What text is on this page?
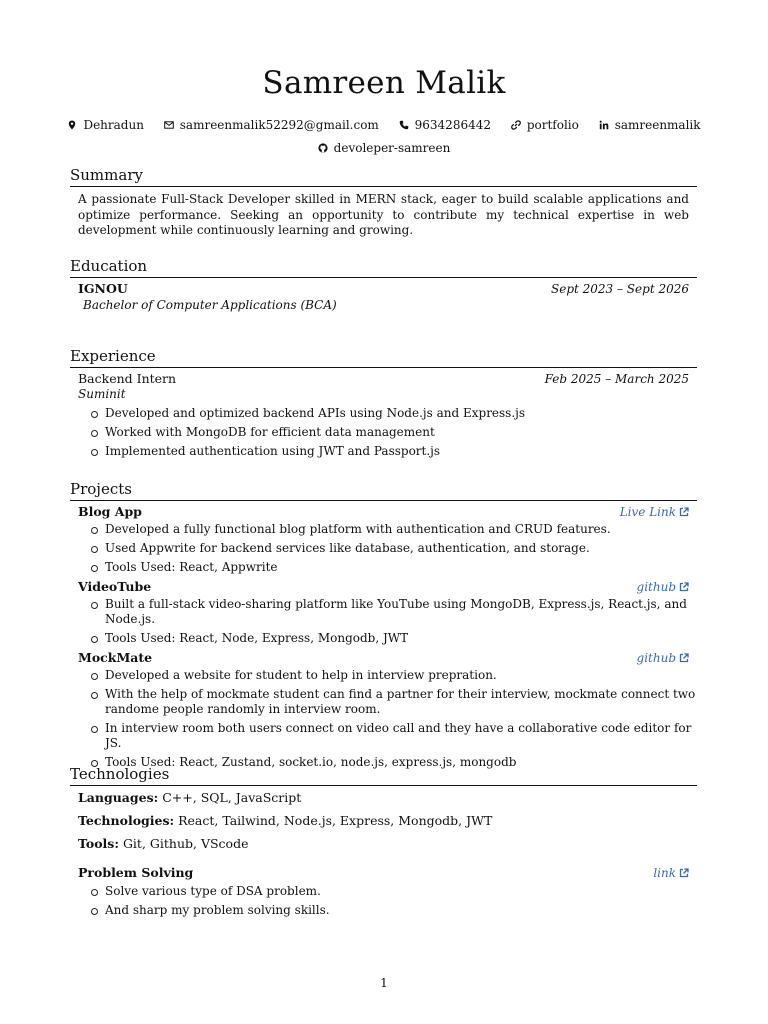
Samreen Malik
Dehradun	samreenmalik52292@gmail.com	9634286442	portfolio	samreenmalik
devoleper-samreen
Summary
A passionate Full-Stack Developer skilled in MERN stack, eager to build scalable applications and optimize performance. Seeking an opportunity to contribute my technical expertise in web development while continuously learning and growing.
Education
IGNOU	Sept 2023 – Sept 2026
Bachelor of Computer Applications (BCA)
Experience
Backend Intern	Feb 2025 – March 2025
Suminit
Developed and optimized backend APIs using Node.js and Express.js
Worked with MongoDB for efficient data management
Implemented authentication using JWT and Passport.js
Projects
Blog App	Live Link
Developed a fully functional blog platform with authentication and CRUD features.
Used Appwrite for backend services like database, authentication, and storage.
Tools Used: React, Appwrite
VideoTube	github
Built a full-stack video-sharing platform like YouTube using MongoDB, Express.js, React.js, and Node.js.
Tools Used: React, Node, Express, Mongodb, JWT
MockMate	github
Developed a website for student to help in interview prepration.
With the help of mockmate student can find a partner for their interview, mockmate connect two randome people randomly in interview room.
In interview room both users connect on video call and they have a collaborative code editor for JS.
Tools Used: React, Zustand, socket.io, node.js, express.js, mongodb
Technologies
Languages: C++, SQL, JavaScript
Technologies: React, Tailwind, Node.js, Express, Mongodb, JWT
Tools: Git, Github, VScode
Problem Solving	link
Solve various type of DSA problem.
And sharp my problem solving skills.
1
